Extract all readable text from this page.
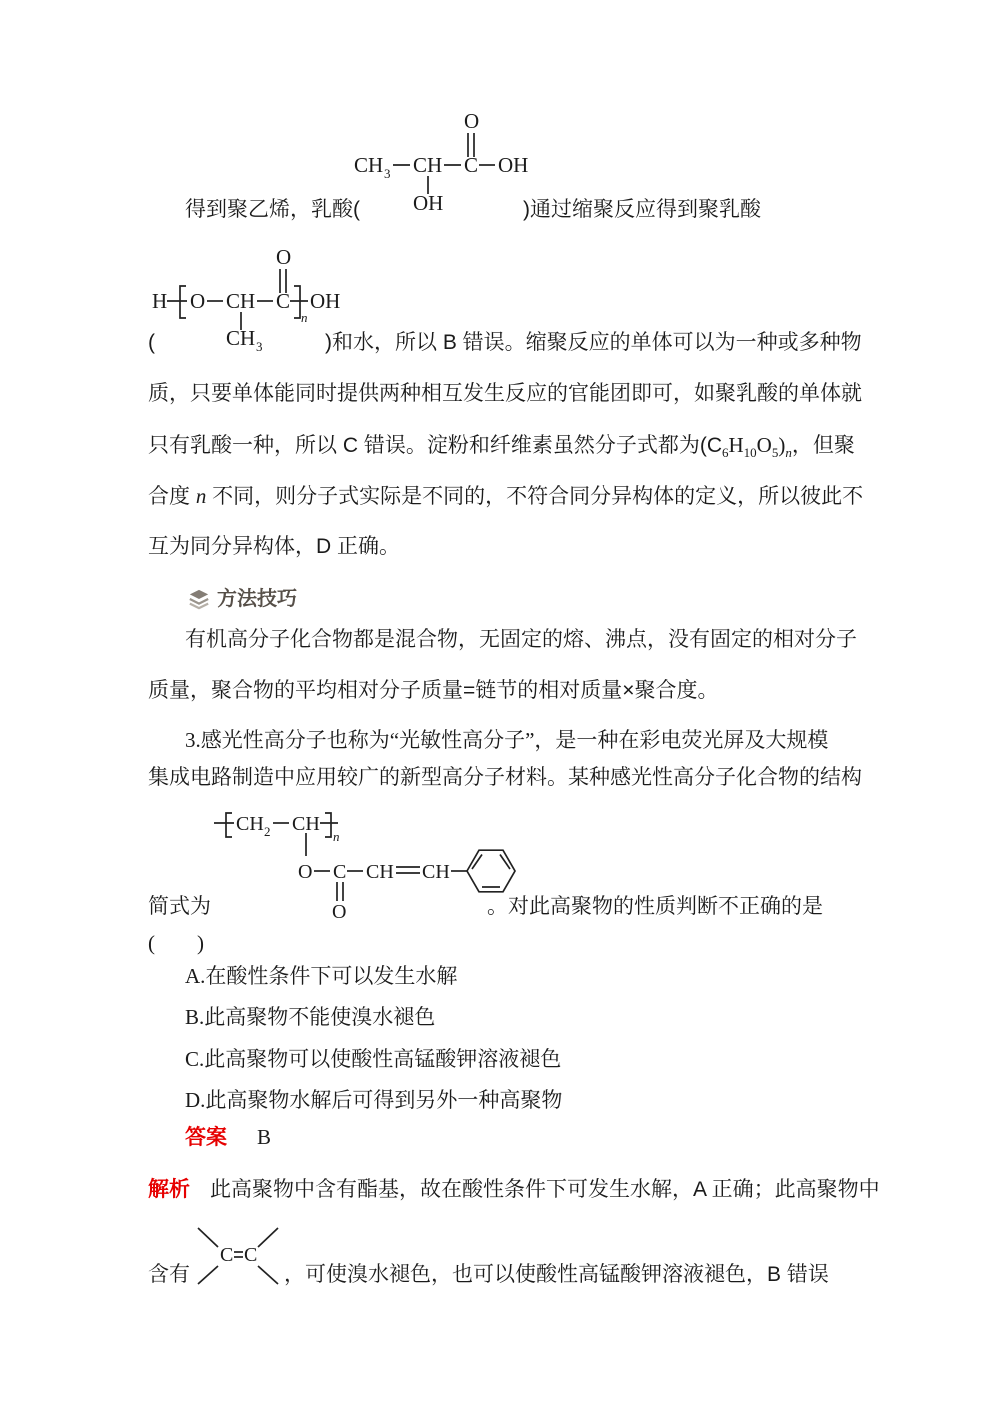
CH 3 CH C OH
O
OH
得到聚乙烯，乳酸(	)通过缩聚反应得到聚乳酸
H O CH C
n
OH
O
CH 3
(	)和水，所以 B 错误。缩聚反应的单体可以为一种或多种物
质，只要单体能同时提供两种相互发生反应的官能团即可，如聚乳酸的单体就
只有乳酸一种，所以 C 错误。淀粉和纤维素虽然分子式都为$(C_6H_{10}O_5)_n$，但聚
合度 n 不同，则分子式实际是不同的，不符合同分异构体的定义，所以彼此不
互为同分异构体，D 正确。
方法技巧
有机高分子化合物都是混合物，无固定的熔、沸点，没有固定的相对分子
质量，聚合物的平均相对分子质量=链节的相对质量×聚合度。
3.感光性高分子也称为“光敏性高分子”，是一种在彩电荧光屏及大规模
集成电路制造中应用较广的新型高分子材料。某种感光性高分子化合物的结构
CH 2 CH
n
O C CH CH
O
简式为	。对此高聚物的性质判断不正确的是
(　　)
A.在酸性条件下可以发生水解
B.此高聚物不能使溴水褪色
C.此高聚物可以使酸性高锰酸钾溶液褪色
D.此高聚物水解后可得到另外一种高聚物
答案 B
解析 此高聚物中含有酯基，故在酸性条件下可发生水解，A 正确；此高聚物中
C C
含有	，可使溴水褪色，也可以使酸性高锰酸钾溶液褪色，B 错误
